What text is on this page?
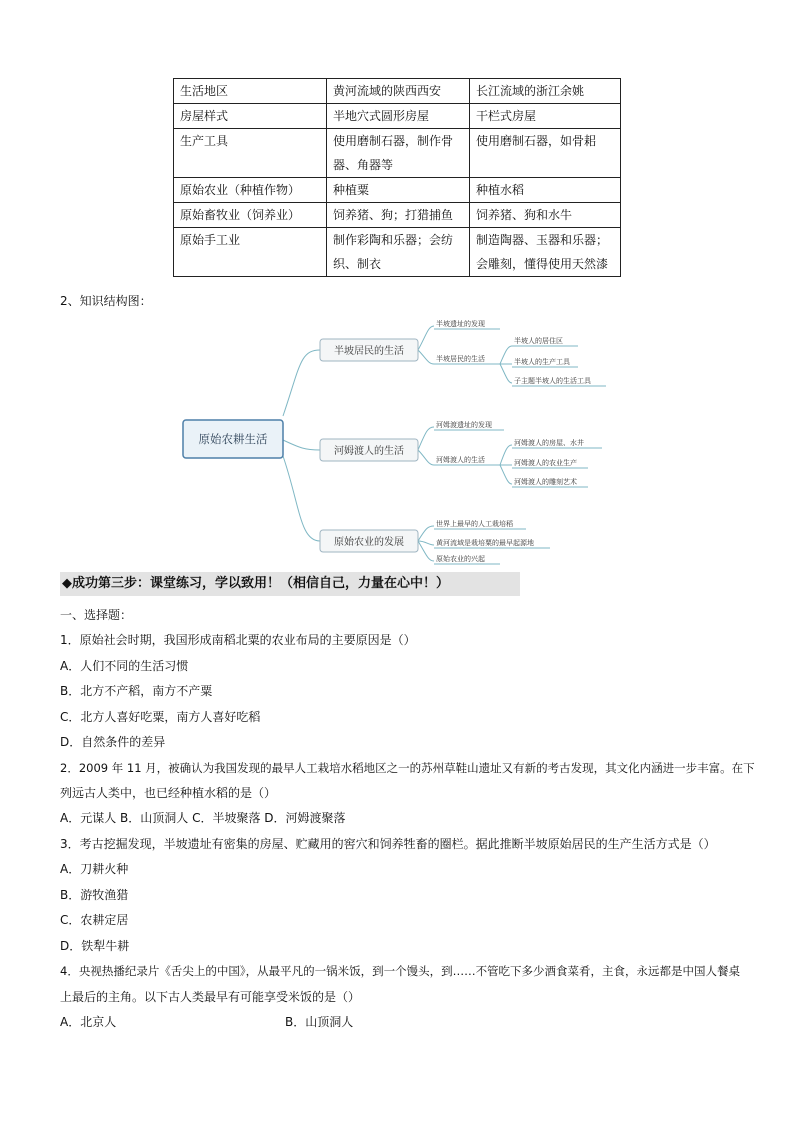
生活地区	黄河流域的陕西西安	长江流域的浙江余姚
房屋样式	半地穴式圆形房屋	干栏式房屋
生产工具	使用磨制石器，制作骨器、角器等	使用磨制石器，如骨耜
原始农业（种植作物）	种植粟	种植水稻
原始畜牧业（饲养业）	饲养猪、狗；打猎捕鱼	饲养猪、狗和水牛
原始手工业	制作彩陶和乐器；会纺织、制衣	制造陶器、玉器和乐器；会雕刻，懂得使用天然漆
2、知识结构图：
原始农耕生活
半坡居民的生活
河姆渡人的生活
原始农业的发展
半坡遗址的发现
半坡居民的生活
半坡人的居住区
半坡人的生产工具
子主题半坡人的生活工具
河姆渡遗址的发现
河姆渡人的生活
河姆渡人的房屋、水井
河姆渡人的农业生产
河姆渡人的雕刻艺术
世界上最早的人工栽培稻
黄河流域是栽培粟的最早起源地
原始农业的兴起
◆成功第三步：课堂练习，学以致用！（相信自己，力量在心中！）
一、选择题：
1．原始社会时期，我国形成南稻北粟的农业布局的主要原因是（）
A．人们不同的生活习惯
B．北方不产稻，南方不产粟
C．北方人喜好吃粟，南方人喜好吃稻
D．自然条件的差异
2．2009 年 11 月，被确认为我国发现的最早人工栽培水稻地区之一的苏州草鞋山遗址又有新的考古发现，其文化内涵进一步丰富。在下
列远古人类中，也已经种植水稻的是（）
A．元谋人 B．山顶洞人 C．半坡聚落 D．河姆渡聚落
3．考古挖掘发现，半坡遗址有密集的房屋、贮藏用的窖穴和饲养牲畜的圈栏。据此推断半坡原始居民的生产生活方式是（）
A．刀耕火种
B．游牧渔猎
C．农耕定居
D．铁犁牛耕
4．央视热播纪录片《舌尖上的中国》，从最平凡的一锅米饭，到一个馒头，到……不管吃下多少酒食菜肴，主食，永远都是中国人餐桌
上最后的主角。以下古人类最早有可能享受米饭的是（）
A．北京人	B．山顶洞人
